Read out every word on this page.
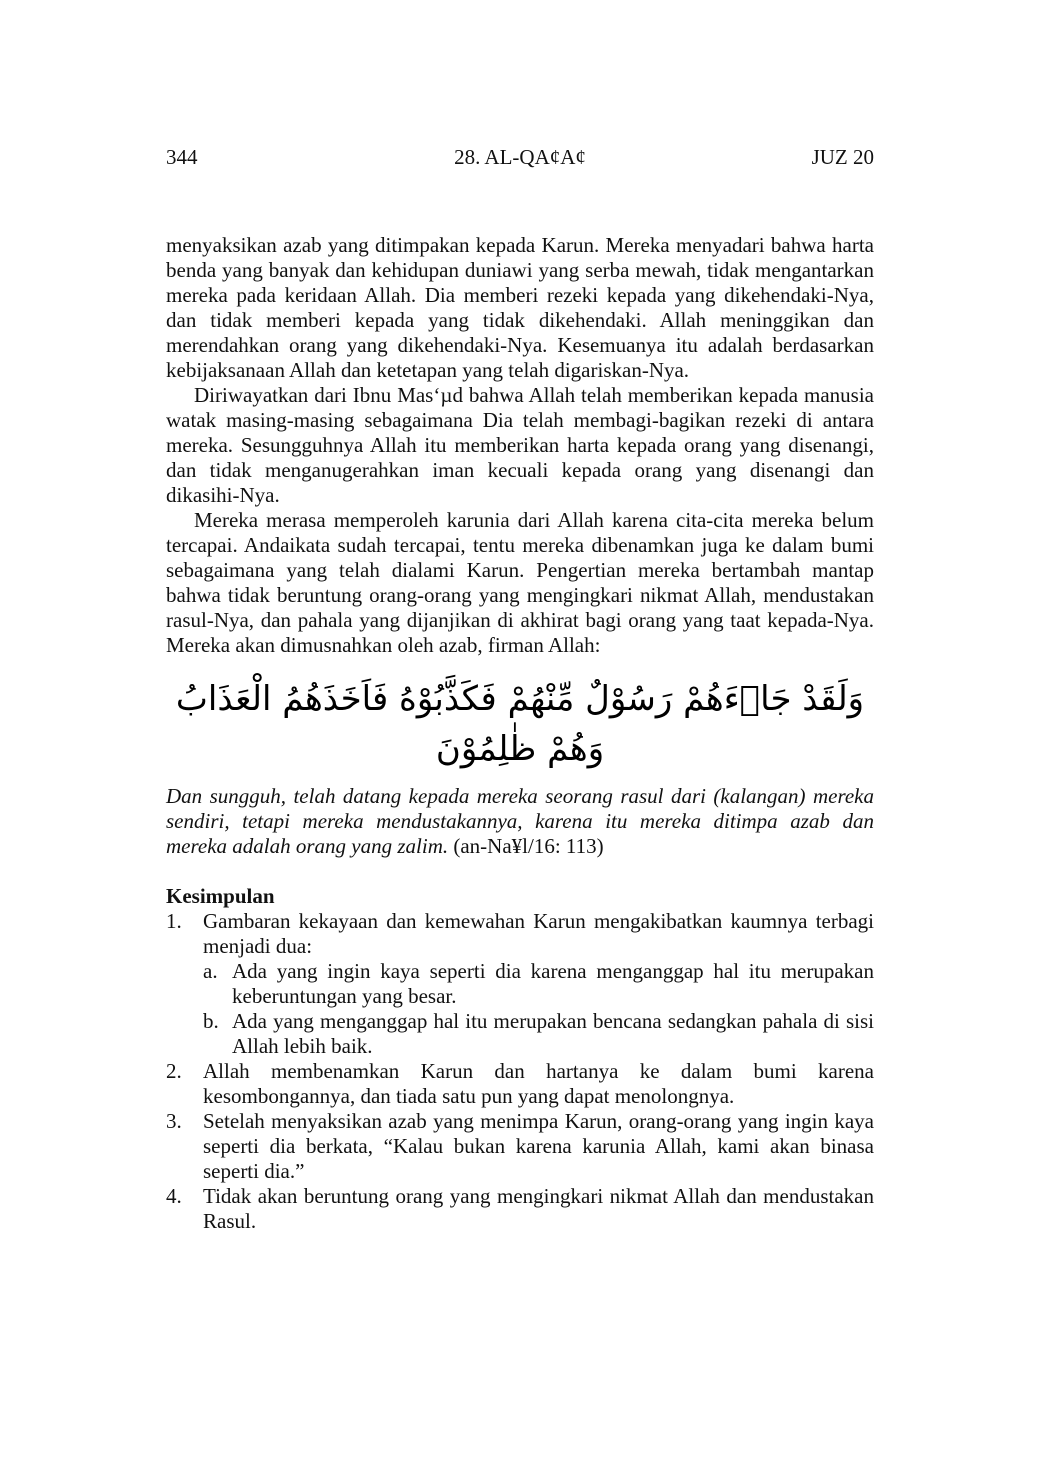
344	28. AL-QA¢A¢	JUZ 20

menyaksikan azab yang ditimpakan kepada Karun. Mereka menyadari bahwa harta benda yang banyak dan kehidupan duniawi yang serba mewah, tidak mengantarkan mereka pada keridaan Allah. Dia memberi rezeki kepada yang dikehendaki-Nya, dan tidak memberi kepada yang tidak dikehendaki. Allah meninggikan dan merendahkan orang yang dikehendaki-Nya. Kesemuanya itu adalah berdasarkan kebijaksanaan Allah dan ketetapan yang telah digariskan-Nya.

Diriwayatkan dari Ibnu Mas‘µd bahwa Allah telah memberikan kepada manusia watak masing-masing sebagaimana Dia telah membagi-bagikan rezeki di antara mereka. Sesungguhnya Allah itu memberikan harta kepada orang yang disenangi, dan tidak menganugerahkan iman kecuali kepada orang yang disenangi dan dikasihi-Nya.

Mereka merasa memperoleh karunia dari Allah karena cita-cita mereka belum tercapai. Andaikata sudah tercapai, tentu mereka dibenamkan juga ke dalam bumi sebagaimana yang telah dialami Karun. Pengertian mereka bertambah mantap bahwa tidak beruntung orang-orang yang mengingkari nikmat Allah, mendustakan rasul-Nya, dan pahala yang dijanjikan di akhirat bagi orang yang taat kepada-Nya. Mereka akan dimusnahkan oleh azab, firman Allah:

وَلَقَدْ جَاۤءَهُمْ رَسُوْلٌ مِّنْهُمْ فَكَذَّبُوْهُ فَاَخَذَهُمُ الْعَذَابُ وَهُمْ ظٰلِمُوْنَ

Dan sungguh, telah datang kepada mereka seorang rasul dari (kalangan) mereka sendiri, tetapi mereka mendustakannya, karena itu mereka ditimpa azab dan mereka adalah orang yang zalim. (an-Na¥l/16: 113)

Kesimpulan
1. Gambaran kekayaan dan kemewahan Karun mengakibatkan kaumnya terbagi menjadi dua:
a. Ada yang ingin kaya seperti dia karena menganggap hal itu merupakan keberuntungan yang besar.
b. Ada yang menganggap hal itu merupakan bencana sedangkan pahala di sisi Allah lebih baik.
2. Allah membenamkan Karun dan hartanya ke dalam bumi karena kesombongannya, dan tiada satu pun yang dapat menolongnya.
3. Setelah menyaksikan azab yang menimpa Karun, orang-orang yang ingin kaya seperti dia berkata, “Kalau bukan karena karunia Allah, kami akan binasa seperti dia.”
4. Tidak akan beruntung orang yang mengingkari nikmat Allah dan mendustakan Rasul.
